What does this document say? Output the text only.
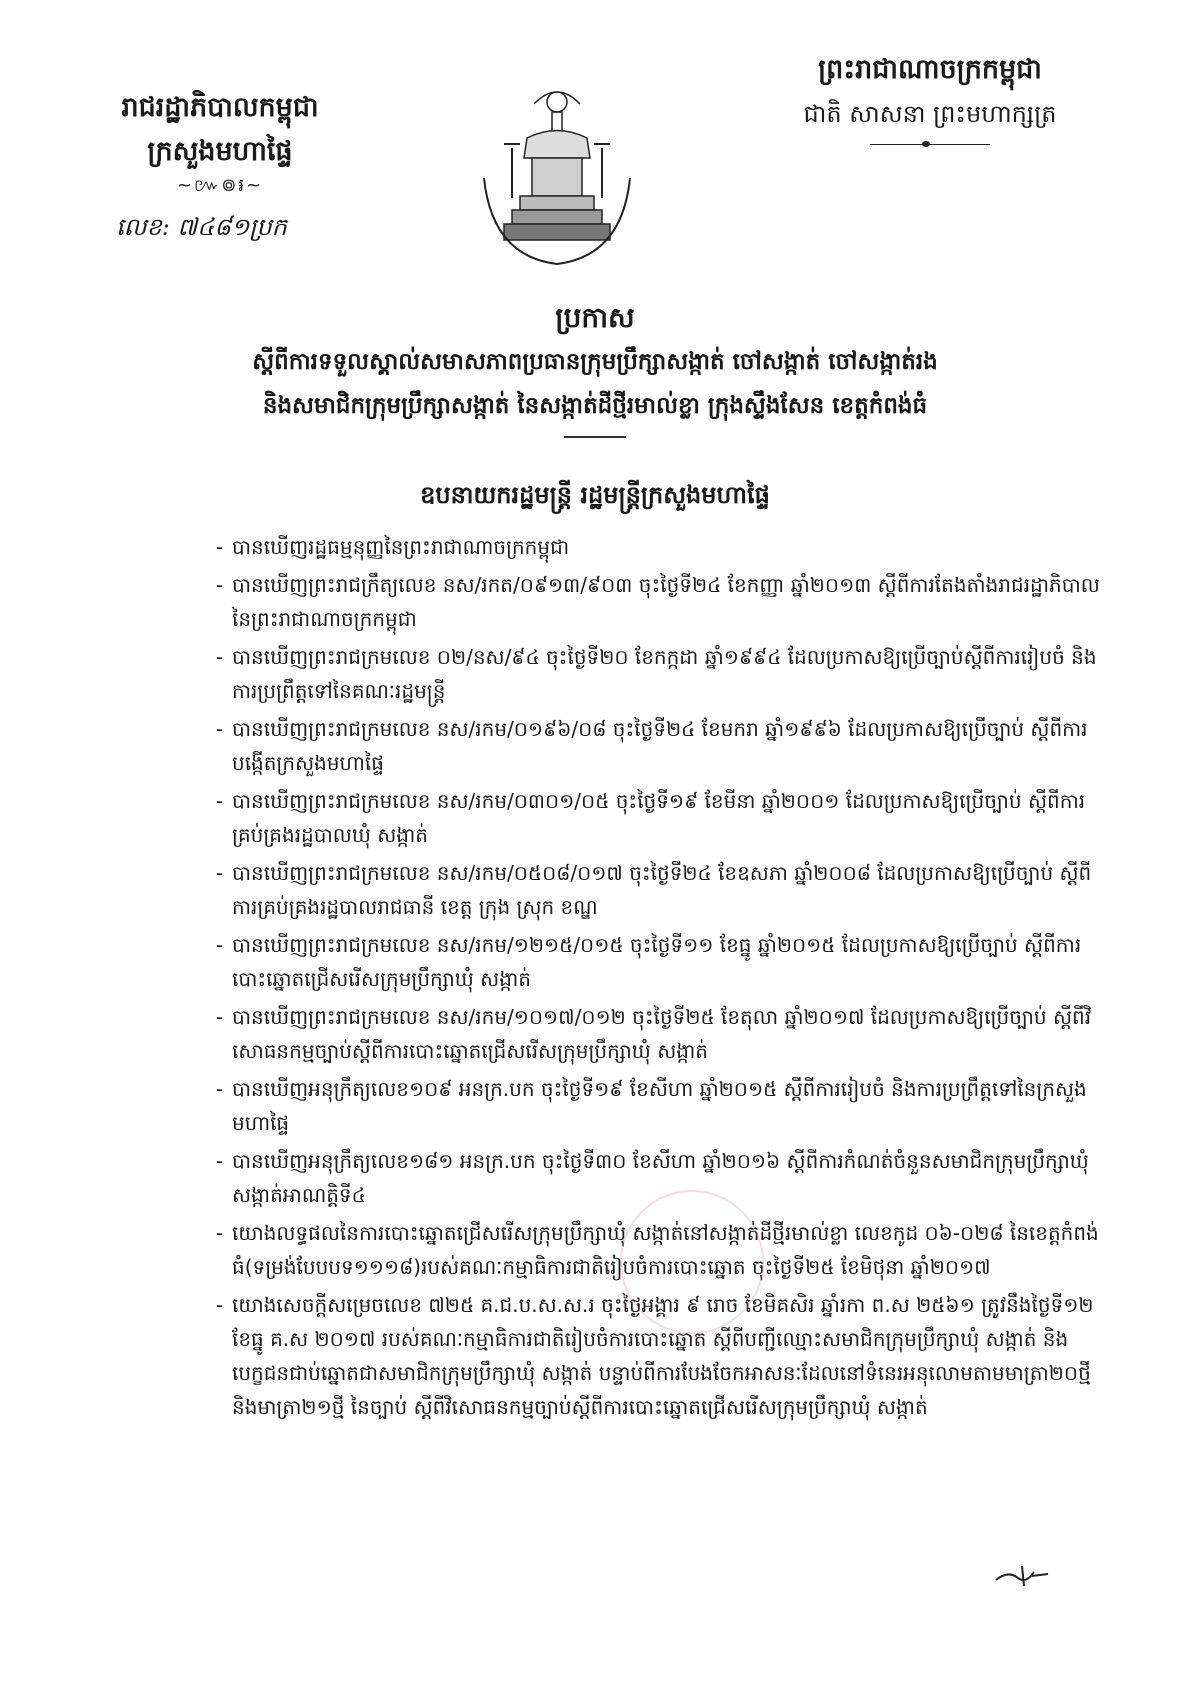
រាជរដ្ឋាភិបាលកម្ពុជា
ក្រសួងមហាផ្ទៃ
~៚៙៛~
លេខ: ៧៤៨១ប្រក
ព្រះរាជាណាចក្រកម្ពុជា
ជាតិ សាសនា ព្រះមហាក្សត្រ
ប្រកាស
ស្តីពីការទទួលស្គាល់សមាសភាពប្រធានក្រុមប្រឹក្សាសង្កាត់ ចៅសង្កាត់ ចៅសង្កាត់រង
និងសមាជិកក្រុមប្រឹក្សាសង្កាត់ នៃសង្កាត់ដីថ្មីរមាល់ខ្លា ក្រុងស្ទឹងសែន ខេត្តកំពង់ធំ
ឧបនាយករដ្ឋមន្ត្រី រដ្ឋមន្ត្រីក្រសួងមហាផ្ទៃ
- បានឃើញរដ្ឋធម្មនុញ្ញនៃព្រះរាជាណាចក្រកម្ពុជា
- បានឃើញព្រះរាជក្រឹត្យលេខ នស/រកត/០៩១៣/៩០៣ ចុះថ្ងៃទី២៤ ខែកញ្ញា ឆ្នាំ២០១៣ ស្តីពីការតែងតាំងរាជរដ្ឋាភិបាលនៃព្រះរាជាណាចក្រកម្ពុជា
- បានឃើញព្រះរាជក្រមលេខ ០២/នស/៩៤ ចុះថ្ងៃទី២០ ខែកក្កដា ឆ្នាំ១៩៩៤ ដែលប្រកាសឱ្យប្រើច្បាប់ស្តីពីការរៀបចំ និងការប្រព្រឹត្តទៅនៃគណៈរដ្ឋមន្ត្រី
- បានឃើញព្រះរាជក្រមលេខ នស/រកម/០១៩៦/០៨ ចុះថ្ងៃទី២៤ ខែមករា ឆ្នាំ១៩៩៦ ដែលប្រកាសឱ្យប្រើច្បាប់ ស្តីពីការបង្កើតក្រសួងមហាផ្ទៃ
- បានឃើញព្រះរាជក្រមលេខ នស/រកម/០៣០១/០៥ ចុះថ្ងៃទី១៩ ខែមីនា ឆ្នាំ២០០១ ដែលប្រកាសឱ្យប្រើច្បាប់ ស្តីពីការគ្រប់គ្រងរដ្ឋបាលឃុំ សង្កាត់
- បានឃើញព្រះរាជក្រមលេខ នស/រកម/០៥០៨/០១៧ ចុះថ្ងៃទី២៤ ខែឧសភា ឆ្នាំ២០០៨ ដែលប្រកាសឱ្យប្រើច្បាប់ ស្តីពីការគ្រប់គ្រងរដ្ឋបាលរាជធានី ខេត្ត ក្រុង ស្រុក ខណ្ឌ
- បានឃើញព្រះរាជក្រមលេខ នស/រកម/១២១៥/០១៥ ចុះថ្ងៃទី១១ ខែធ្នូ ឆ្នាំ២០១៥ ដែលប្រកាសឱ្យប្រើច្បាប់ ស្តីពីការបោះឆ្នោតជ្រើសរើសក្រុមប្រឹក្សាឃុំ សង្កាត់
- បានឃើញព្រះរាជក្រមលេខ នស/រកម/១០១៧/០១២ ចុះថ្ងៃទី២៥ ខែតុលា ឆ្នាំ២០១៧ ដែលប្រកាសឱ្យប្រើច្បាប់ ស្តីពីវិសោធនកម្មច្បាប់ស្តីពីការបោះឆ្នោតជ្រើសរើសក្រុមប្រឹក្សាឃុំ សង្កាត់
- បានឃើញអនុក្រឹត្យលេខ១០៩ អនក្រ.បក ចុះថ្ងៃទី១៩ ខែសីហា ឆ្នាំ២០១៥ ស្តីពីការរៀបចំ និងការប្រព្រឹត្តទៅនៃក្រសួងមហាផ្ទៃ
- បានឃើញអនុក្រឹត្យលេខ១៨១ អនក្រ.បក ចុះថ្ងៃទី៣០ ខែសីហា ឆ្នាំ២០១៦ ស្តីពីការកំណត់ចំនួនសមាជិកក្រុមប្រឹក្សាឃុំ សង្កាត់អាណត្តិទី៤
- យោងលទ្ធផលនៃការបោះឆ្នោតជ្រើសរើសក្រុមប្រឹក្សាឃុំ សង្កាត់នៅសង្កាត់ដីថ្មីរមាល់ខ្លា លេខកូដ ០៦-០២៨ នៃខេត្តកំពង់ធំ(ទម្រង់បែបបទ១១១៨)របស់គណៈកម្មាធិការជាតិរៀបចំការបោះឆ្នោត ចុះថ្ងៃទី២៥ ខែមិថុនា ឆ្នាំ២០១៧
- យោងសេចក្តីសម្រេចលេខ ៧២៥ គ.ជ.ប.ស.ស.រ ចុះថ្ងៃអង្គារ ៩ រោច ខែមិគសិរ ឆ្នាំរកា ព.ស ២៥៦១ ត្រូវនឹងថ្ងៃទី១២ ខែធ្នូ គ.ស ២០១៧ របស់គណៈកម្មាធិការជាតិរៀបចំការបោះឆ្នោត ស្តីពីបញ្ជីឈ្មោះសមាជិកក្រុមប្រឹក្សាឃុំ សង្កាត់ និងបេក្ខជនជាប់ឆ្នោតជាសមាជិកក្រុមប្រឹក្សាឃុំ សង្កាត់ បន្ទាប់ពីការបែងចែកអាសនៈដែលនៅទំនេរអនុលោមតាមមាត្រា២០ថ្មី និងមាត្រា២១ថ្មី នៃច្បាប់ ស្តីពីវិសោធនកម្មច្បាប់ស្តីពីការបោះឆ្នោតជ្រើសរើសក្រុមប្រឹក្សាឃុំ សង្កាត់
